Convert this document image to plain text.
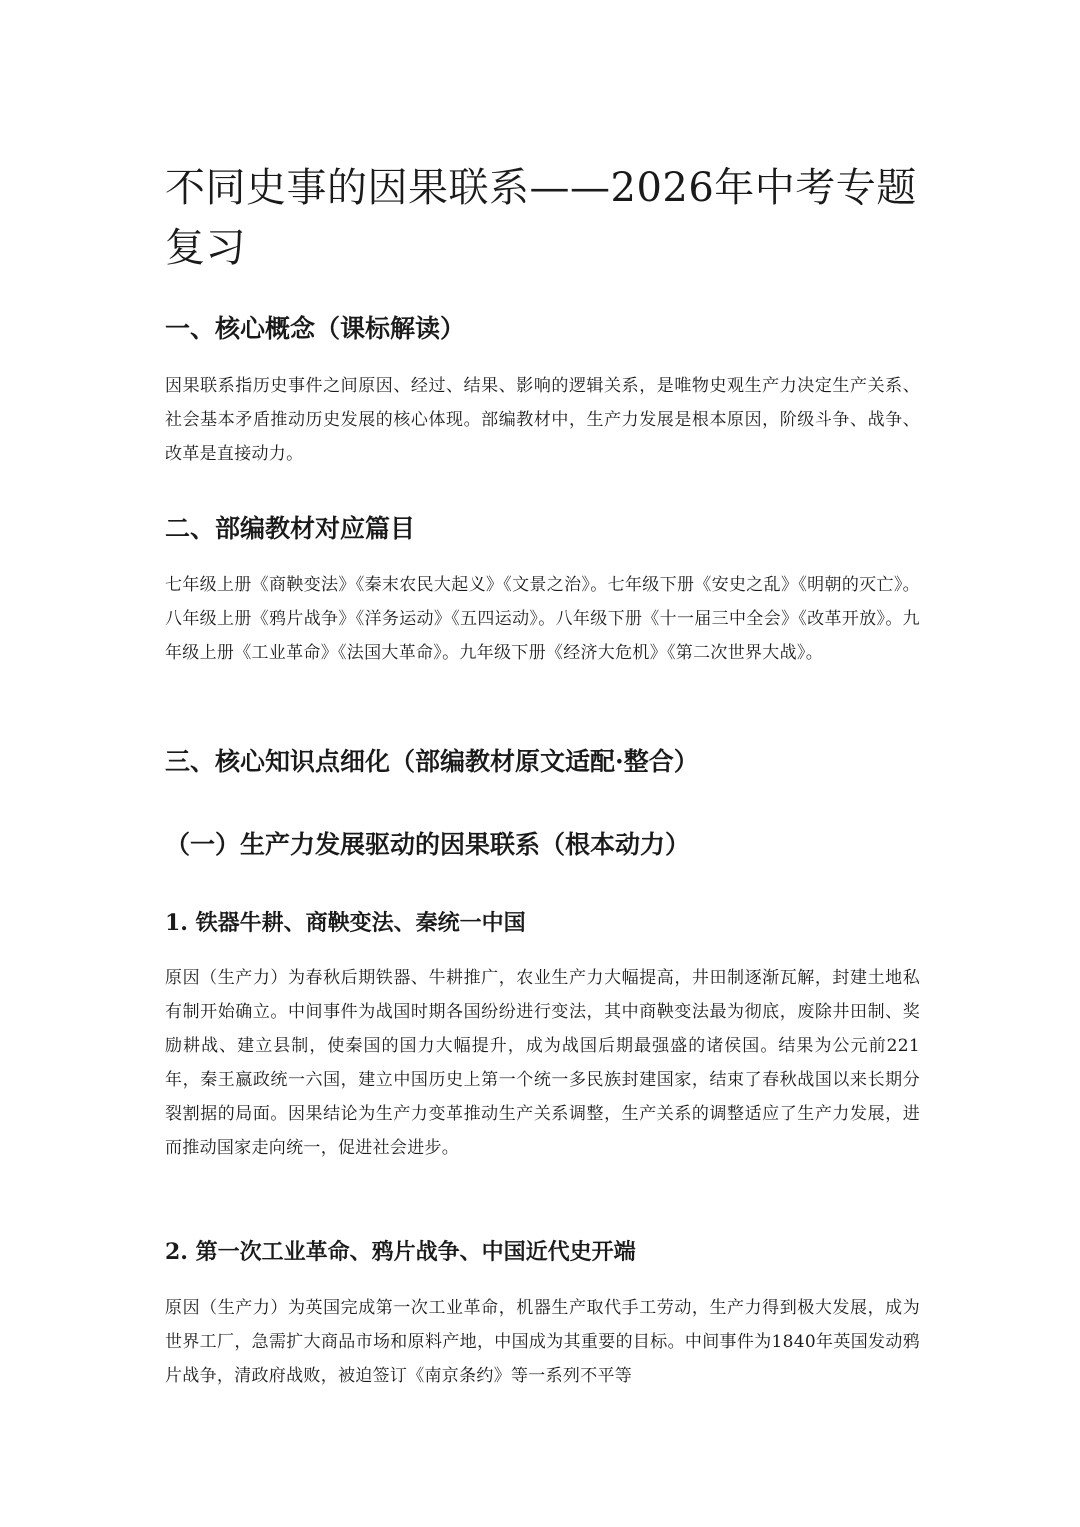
不同史事的因果联系——2026年中考专题复习
一、核心概念（课标解读）

因果联系指历史事件之间原因、经过、结果、影响的逻辑关系，是唯物史观生产力决定生产关系、社会基本矛盾推动历史发展的核心体现。部编教材中，生产力发展是根本原因，阶级斗争、战争、改革是直接动力。

二、部编教材对应篇目

七年级上册《商鞅变法》《秦末农民大起义》《文景之治》。七年级下册《安史之乱》《明朝的灭亡》。八年级上册《鸦片战争》《洋务运动》《五四运动》。八年级下册《十一届三中全会》《改革开放》。九年级上册《工业革命》《法国大革命》。九年级下册《经济大危机》《第二次世界大战》。

三、核心知识点细化（部编教材原文适配·整合）
（一）生产力发展驱动的因果联系（根本动力）
1. 铁器牛耕、商鞅变法、秦统一中国

原因（生产力）为春秋后期铁器、牛耕推广，农业生产力大幅提高，井田制逐渐瓦解，封建土地私有制开始确立。中间事件为战国时期各国纷纷进行变法，其中商鞅变法最为彻底，废除井田制、奖励耕战、建立县制，使秦国的国力大幅提升，成为战国后期最强盛的诸侯国。结果为公元前221年，秦王嬴政统一六国，建立中国历史上第一个统一多民族封建国家，结束了春秋战国以来长期分裂割据的局面。因果结论为生产力变革推动生产关系调整，生产关系的调整适应了生产力发展，进而推动国家走向统一，促进社会进步。

2. 第一次工业革命、鸦片战争、中国近代史开端

原因（生产力）为英国完成第一次工业革命，机器生产取代手工劳动，生产力得到极大发展，成为世界工厂，急需扩大商品市场和原料产地，中国成为其重要的目标。中间事件为1840年英国发动鸦片战争，清政府战败，被迫签订《南京条约》等一系列不平等
